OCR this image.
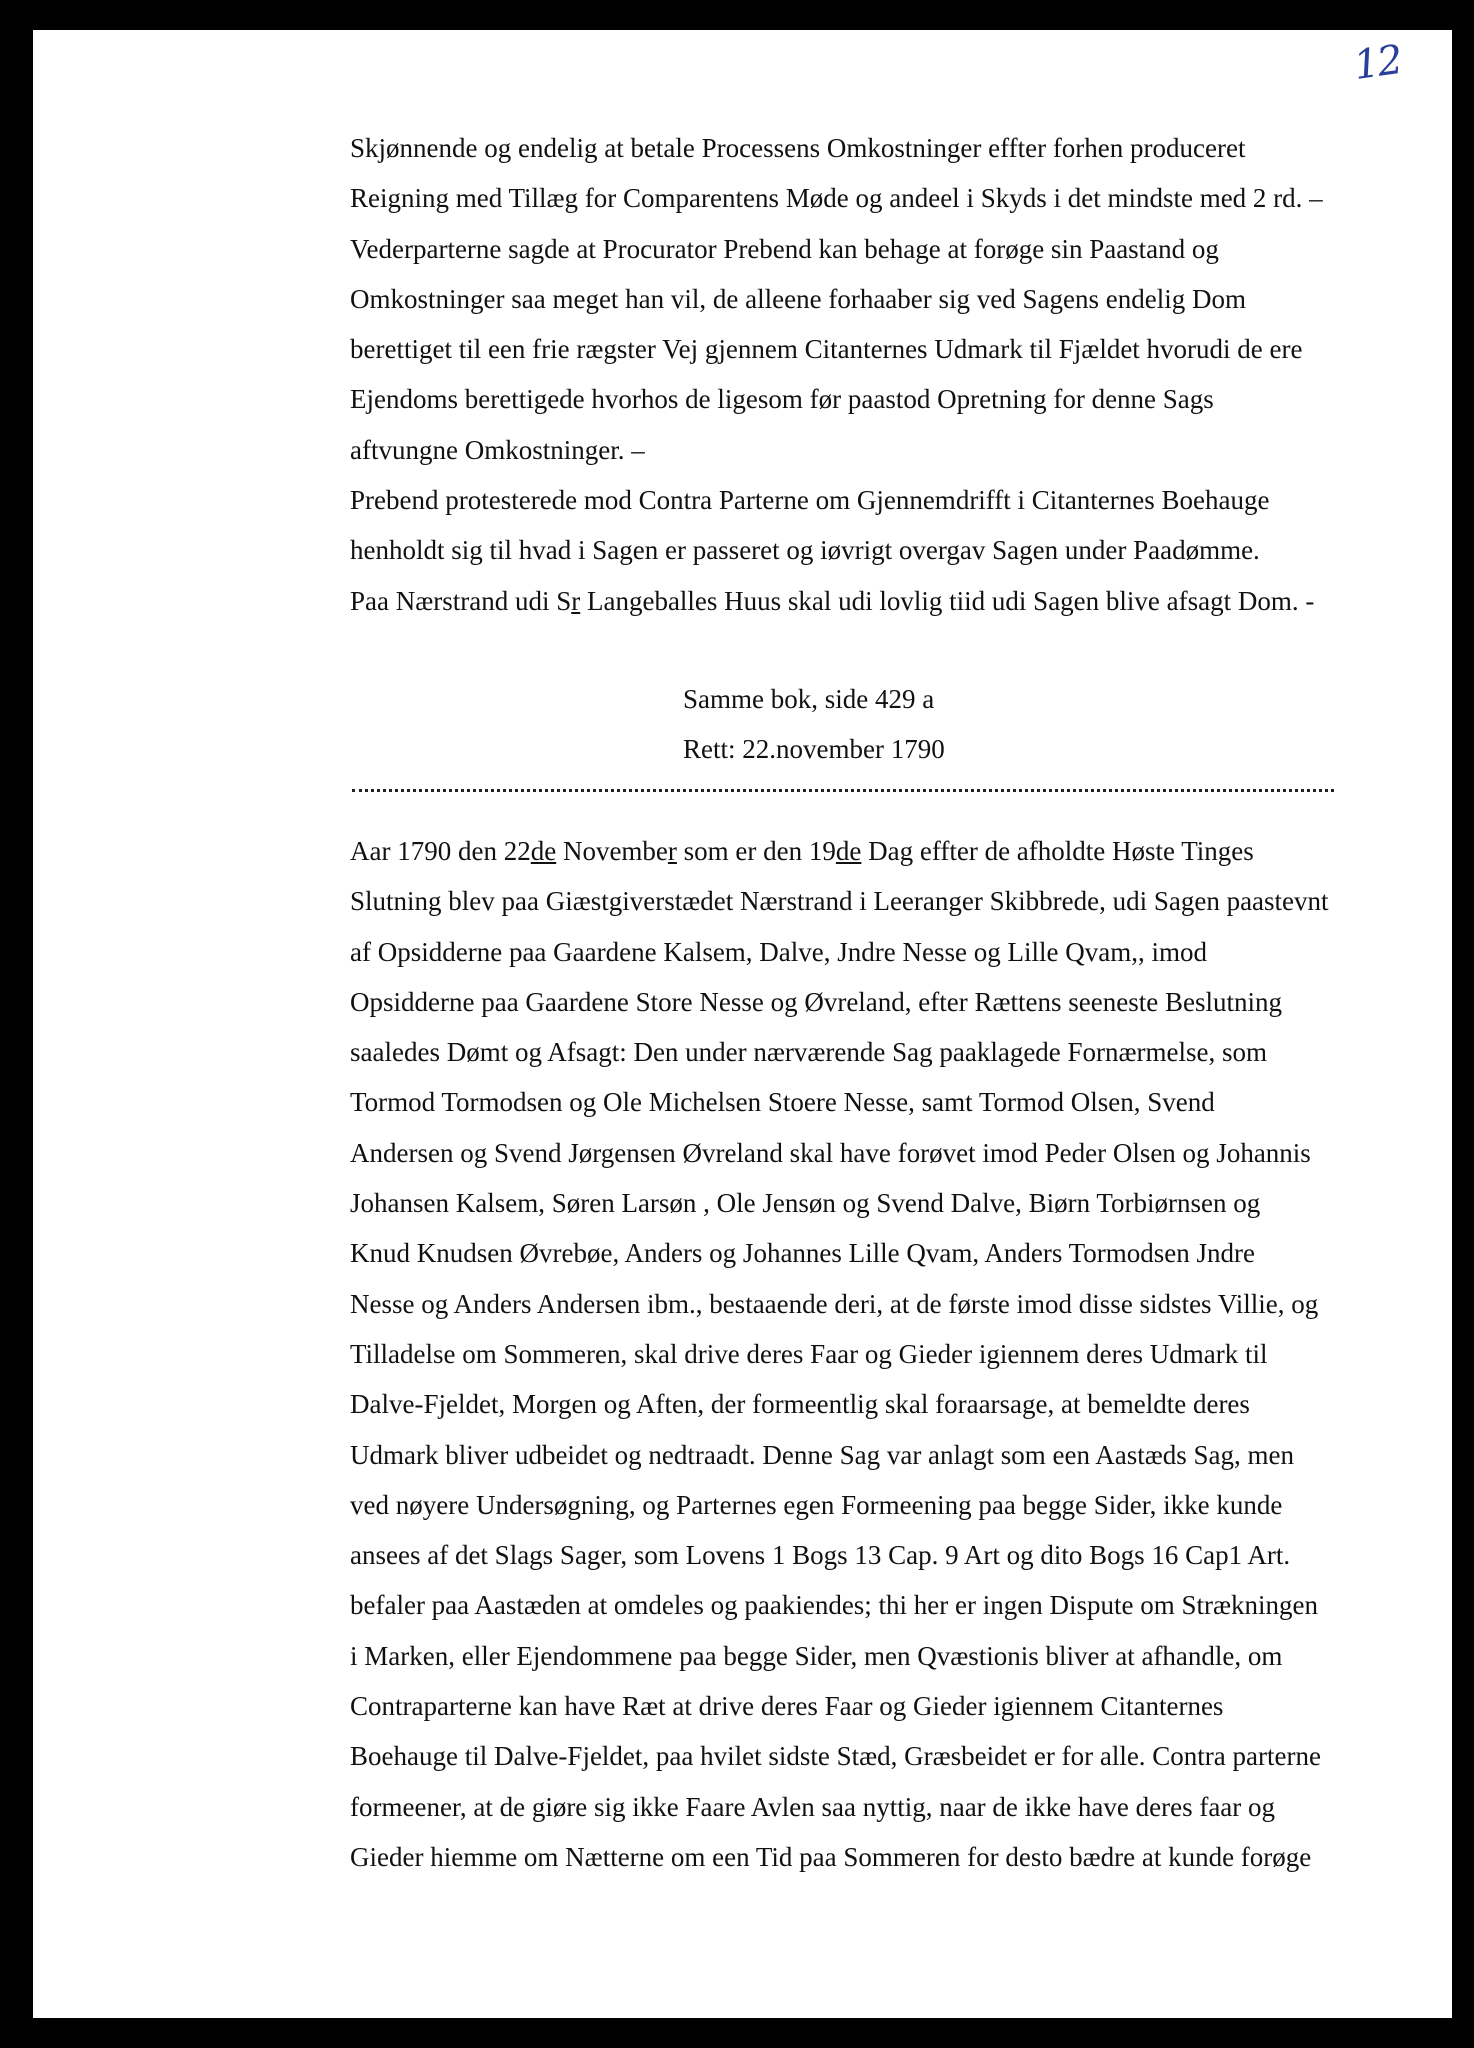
12
Skjønnende og endelig at betale Processens Omkostninger effter forhen produceret
Reigning med Tillæg for Comparentens Møde og andeel i Skyds i det mindste med 2 rd. –
Vederparterne sagde at Procurator Prebend kan behage at forøge sin Paastand og
Omkostninger saa meget han vil, de alleene forhaaber sig ved Sagens endelig Dom
berettiget til een frie rægster Vej gjennem Citanternes Udmark til Fjældet hvorudi de ere
Ejendoms berettigede hvorhos de ligesom før paastod Opretning for denne Sags
aftvungne Omkostninger. –
Prebend protesterede mod Contra Parterne om Gjennemdrifft i Citanternes Boehauge
henholdt sig til hvad i Sagen er passeret og iøvrigt overgav Sagen under Paadømme.
Paa Nærstrand udi Sr Langeballes Huus skal udi lovlig tiid udi Sagen blive afsagt Dom. -
Samme bok, side 429 a
Rett: 22.november 1790
Aar 1790 den 22de November som er den 19de Dag effter de afholdte Høste Tinges
Slutning blev paa Giæstgiverstædet Nærstrand i Leeranger Skibbrede, udi Sagen paastevnt
af Opsidderne paa Gaardene Kalsem, Dalve, Jndre Nesse og Lille Qvam,, imod
Opsidderne paa Gaardene Store Nesse og Øvreland, efter Rættens seeneste Beslutning
saaledes Dømt og Afsagt: Den under nærværende Sag paaklagede Fornærmelse, som
Tormod Tormodsen og Ole Michelsen Stoere Nesse, samt Tormod Olsen, Svend
Andersen og Svend Jørgensen Øvreland skal have forøvet imod Peder Olsen og Johannis
Johansen Kalsem, Søren Larsøn , Ole Jensøn og Svend Dalve, Biørn Torbiørnsen og
Knud Knudsen Øvrebøe, Anders og Johannes Lille Qvam, Anders Tormodsen Jndre
Nesse og Anders Andersen ibm., bestaaende deri, at de første imod disse sidstes Villie, og
Tilladelse om Sommeren, skal drive deres Faar og Gieder igiennem deres Udmark til
Dalve-Fjeldet, Morgen og Aften, der formeentlig skal foraarsage, at bemeldte deres
Udmark bliver udbeidet og nedtraadt. Denne Sag var anlagt som een Aastæds Sag, men
ved nøyere Undersøgning, og Parternes egen Formeening paa begge Sider, ikke kunde
ansees af det Slags Sager, som Lovens 1 Bogs 13 Cap. 9 Art og dito Bogs 16 Cap1 Art.
befaler paa Aastæden at omdeles og paakiendes; thi her er ingen Dispute om Strækningen
i Marken, eller Ejendommene paa begge Sider, men Qvæstionis bliver at afhandle, om
Contraparterne kan have Ræt at drive deres Faar og Gieder igiennem Citanternes
Boehauge til Dalve-Fjeldet, paa hvilet sidste Stæd, Græsbeidet er for alle. Contra parterne
formeener, at de giøre sig ikke Faare Avlen saa nyttig, naar de ikke have deres faar og
Gieder hiemme om Nætterne om een Tid paa Sommeren for desto bædre at kunde forøge
